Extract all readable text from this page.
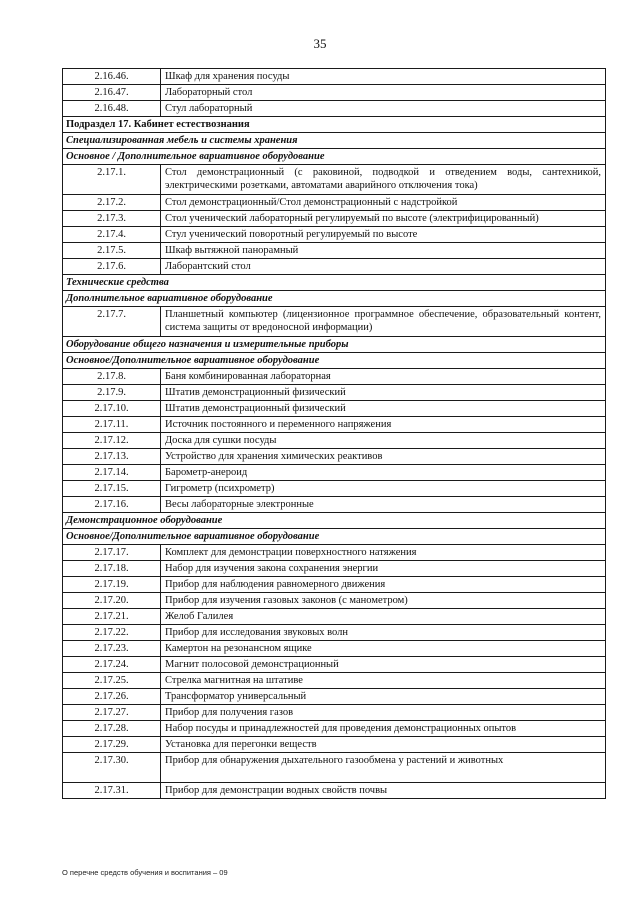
35
2.16.46.	Шкаф для хранения посуды
2.16.47.	Лабораторный стол
2.16.48.	Стул лабораторный
Подраздел 17. Кабинет естествознания	
Специализированная мебель и системы хранения	
Основное / Дополнительное вариативное оборудование	
2.17.1.	Стол демонстрационный (с раковиной, подводкой и отведением воды, сантехникой, электрическими розетками, автоматами аварийного отключения тока)
2.17.2.	Стол демонстрационный/Стол демонстрационный с надстройкой
2.17.3.	Стол ученический лабораторный регулируемый по высоте (электрифицированный)
2.17.4.	Стул ученический поворотный регулируемый по высоте
2.17.5.	Шкаф вытяжной панорамный
2.17.6.	Лаборантский стол
Технические средства	
Дополнительное вариативное оборудование	
2.17.7.	Планшетный компьютер (лицензионное программное обеспечение, образовательный контент, система защиты от вредоносной информации)
Оборудование общего назначения и измерительные приборы	
Основное/Дополнительное вариативное оборудование	
2.17.8.	Баня комбинированная лабораторная
2.17.9.	Штатив демонстрационный физический
2.17.10.	Штатив демонстрационный физический
2.17.11.	Источник постоянного и переменного напряжения
2.17.12.	Доска для сушки посуды
2.17.13.	Устройство для хранения химических реактивов
2.17.14.	Барометр-анероид
2.17.15.	Гигрометр (психрометр)
2.17.16.	Весы лабораторные электронные
Демонстрационное оборудование	
Основное/Дополнительное вариативное оборудование	
2.17.17.	Комплект для демонстрации поверхностного натяжения
2.17.18.	Набор для изучения закона сохранения энергии
2.17.19.	Прибор для наблюдения равномерного движения
2.17.20.	Прибор для изучения газовых законов (с манометром)
2.17.21.	Желоб Галилея
2.17.22.	Прибор для исследования звуковых волн
2.17.23.	Камертон на резонансном ящике
2.17.24.	Магнит полосовой демонстрационный
2.17.25.	Стрелка магнитная на штативе
2.17.26.	Трансформатор универсальный
2.17.27.	Прибор для получения газов
2.17.28.	Набор посуды и принадлежностей для проведения демонстрационных опытов
2.17.29.	Установка для перегонки веществ
2.17.30.	Прибор для обнаружения дыхательного газообмена у растений и животных
2.17.31.	Прибор для демонстрации водных свойств почвы
О перечне средств обучения и воспитания – 09
